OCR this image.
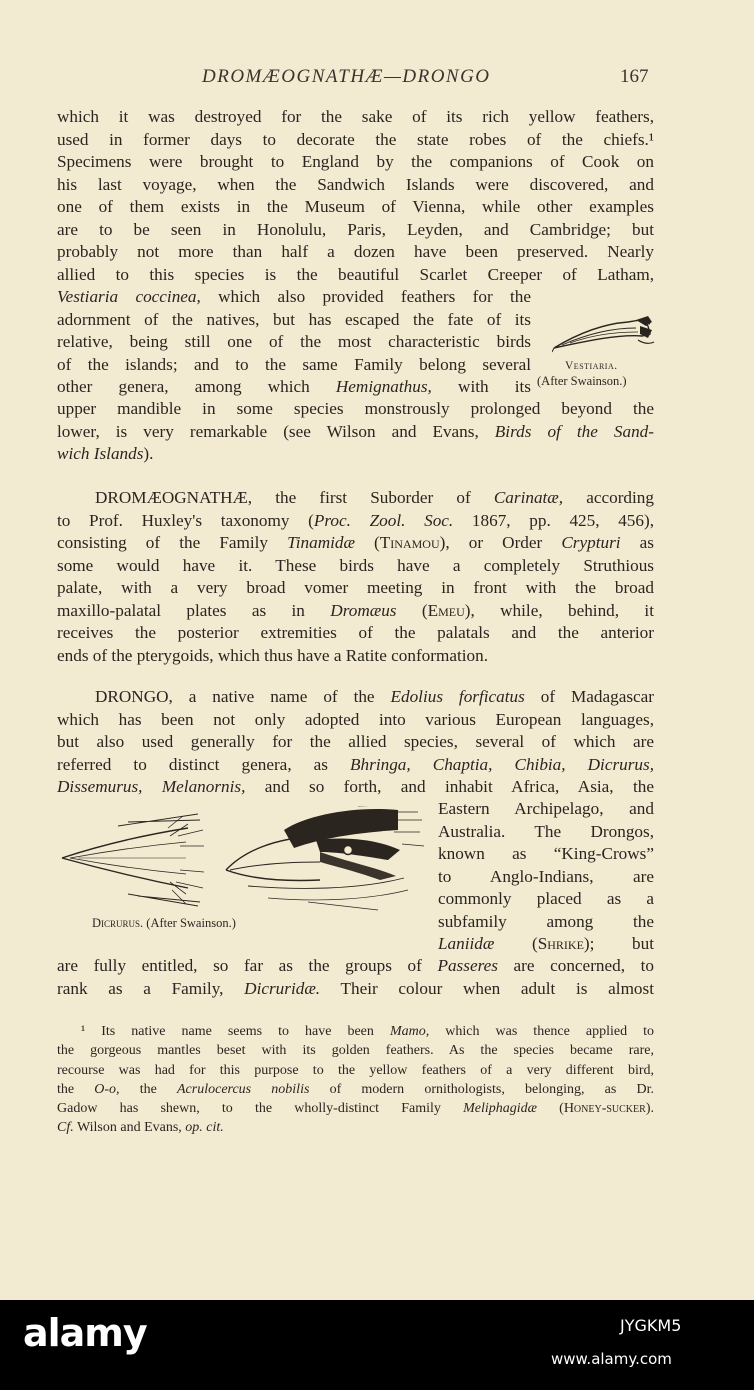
DROMÆOGNATHÆ—DRONGO	167
which it was destroyed for the sake of its rich yellow feathers,
used in former days to decorate the state robes of the chiefs.¹
Specimens were brought to England by the companions of Cook on
his last voyage, when the Sandwich Islands were discovered, and
one of them exists in the Museum of Vienna, while other examples
are to be seen in Honolulu, Paris, Leyden, and Cambridge; but
probably not more than half a dozen have been preserved. Nearly
allied to this species is the beautiful Scarlet Creeper of Latham,
Vestiaria coccinea, which also provided feathers for the
adornment of the natives, but has escaped the fate of its
relative, being still one of the most characteristic birds
of the islands; and to the same Family belong several
other genera, among which Hemignathus, with its
upper mandible in some species monstrously prolonged beyond the
lower, is very remarkable (see Wilson and Evans, Birds of the Sand-
wich Islands).
Vestiaria.
(After Swainson.)
DROMÆOGNATHÆ, the first Suborder of Carinatæ, according
to Prof. Huxley's taxonomy (Proc. Zool. Soc. 1867, pp. 425, 456),
consisting of the Family Tinamidæ (Tinamou), or Order Crypturi as
some would have it. These birds have a completely Struthious
palate, with a very broad vomer meeting in front with the broad
maxillo-palatal plates as in Dromæus (Emeu), while, behind, it
receives the posterior extremities of the palatals and the anterior
ends of the pterygoids, which thus have a Ratite conformation.
DRONGO, a native name of the Edolius forficatus of Madagascar
which has been not only adopted into various European languages,
but also used generally for the allied species, several of which are
referred to distinct genera, as Bhringa, Chaptia, Chibia, Dicrurus,
Dissemurus, Melanornis, and so forth, and inhabit Africa, Asia, the
Eastern Archipelago, and
Australia. The Drongos,
known as “King-Crows”
to Anglo-Indians, are
commonly placed as a
subfamily among the
Laniidæ (Shrike); but
are fully entitled, so far as the groups of Passeres are concerned, to
rank as a Family, Dicruridæ. Their colour when adult is almost
Dicrurus. (After Swainson.)
¹ Its native name seems to have been Mamo, which was thence applied to
the gorgeous mantles beset with its golden feathers. As the species became rare,
recourse was had for this purpose to the yellow feathers of a very different bird,
the O-o, the Acrulocercus nobilis of modern ornithologists, belonging, as Dr.
Gadow has shewn, to the wholly-distinct Family Meliphagidæ (Honey-sucker).
Cf. Wilson and Evans, op. cit.
alamy	JYGKM5
www.alamy.com
